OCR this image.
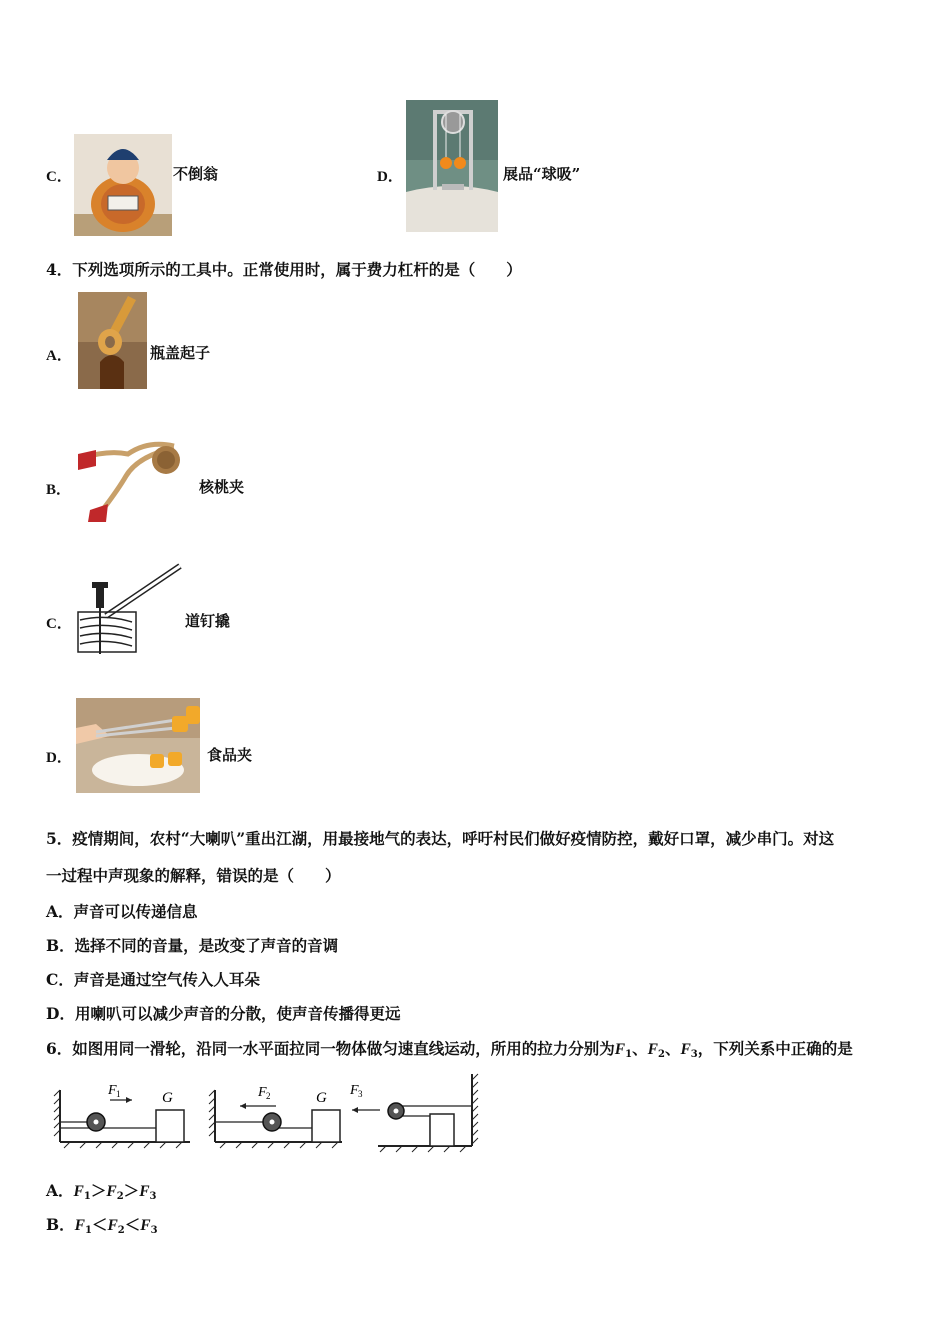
C．	不倒翁	D．	展品“球吸”
4．下列选项所示的工具中。正常使用时，属于费力杠杆的是（　　）
A．	瓶盖起子
B．	核桃夹
C．	道钉撬
D．	食品夹
5．疫情期间，农村“大喇叭”重出江湖，用最接地气的表达，呼吁村民们做好疫情防控，戴好口罩，减少串门。对这
一过程中声现象的解释，错误的是（　　）
A．声音可以传递信息
B．选择不同的音量，是改变了声音的音调
C．声音是通过空气传入人耳朵
D．用喇叭可以减少声音的分散，使声音传播得更远
6．如图用同一滑轮，沿同一水平面拉同一物体做匀速直线运动，所用的拉力分别为$F_1$、$F_2$、$F_3$，下列关系中正确的是
F 1	G	F 2	G F 3
A．$F_1>F_2>F_3$
B．$F_1<F_2<F_3$
